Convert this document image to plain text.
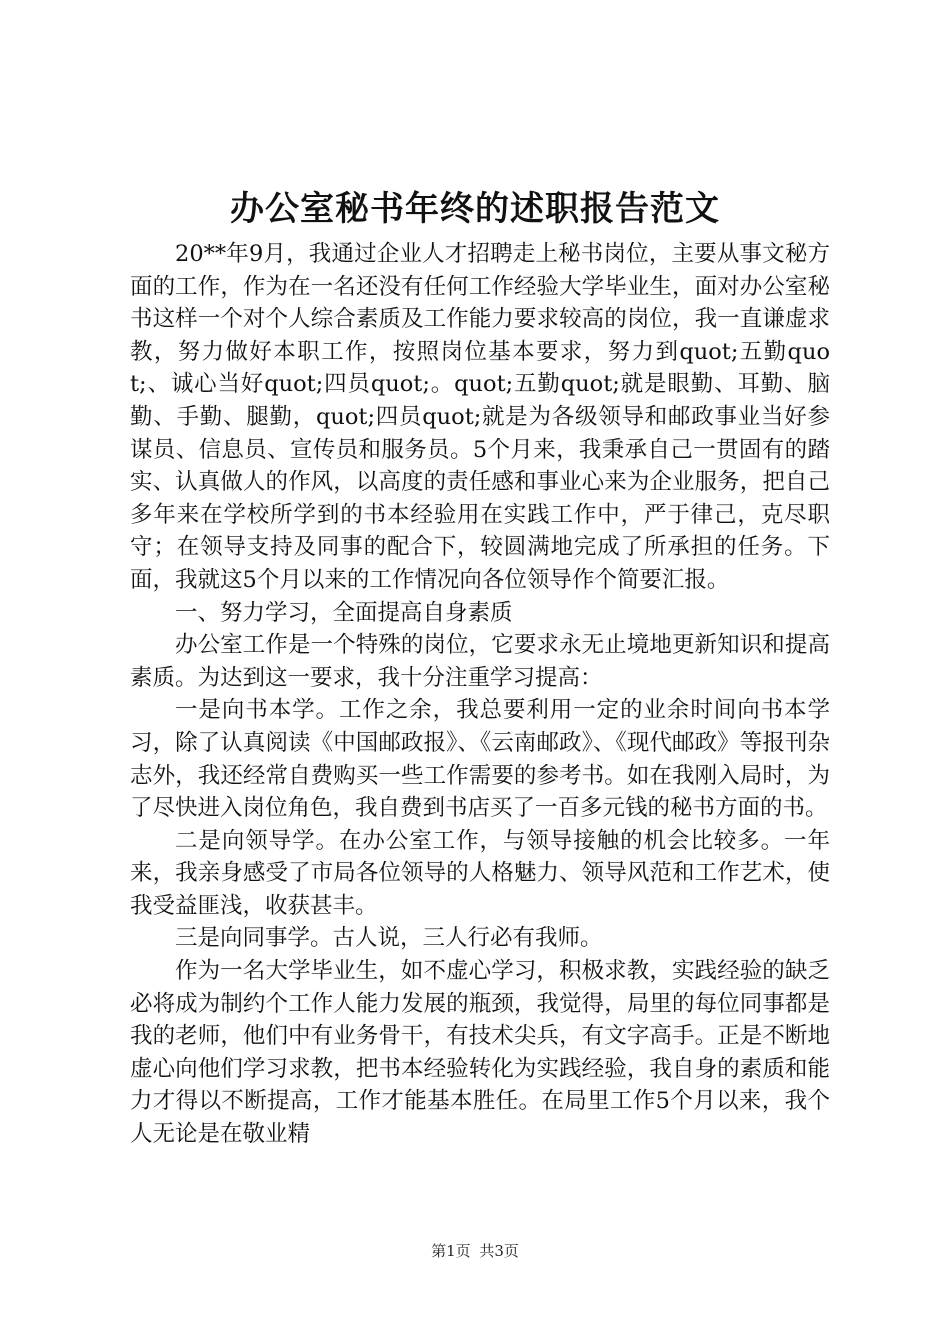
办公室秘书年终的述职报告范文

20**年9月，我通过企业人才招聘走上秘书岗位，主要从事文秘方面的工作，作为在一名还没有任何工作经验大学毕业生，面对办公室秘书这样一个对个人综合素质及工作能力要求较高的岗位，我一直谦虚求教，努力做好本职工作，按照岗位基本要求，努力到quot;五勤quot;、诚心当好quot;四员quot;。quot;五勤quot;就是眼勤、耳勤、脑勤、手勤、腿勤，quot;四员quot;就是为各级领导和邮政事业当好参谋员、信息员、宣传员和服务员。5个月来，我秉承自己一贯固有的踏实、认真做人的作风，以高度的责任感和事业心来为企业服务，把自己多年来在学校所学到的书本经验用在实践工作中，严于律己，克尽职守；在领导支持及同事的配合下，较圆满地完成了所承担的任务。下面，我就这5个月以来的工作情况向各位领导作个简要汇报。

一、努力学习，全面提高自身素质

办公室工作是一个特殊的岗位，它要求永无止境地更新知识和提高素质。为达到这一要求，我十分注重学习提高：

一是向书本学。工作之余，我总要利用一定的业余时间向书本学习，除了认真阅读《中国邮政报》、《云南邮政》、《现代邮政》等报刊杂志外，我还经常自费购买一些工作需要的参考书。如在我刚入局时，为了尽快进入岗位角色，我自费到书店买了一百多元钱的秘书方面的书。

二是向领导学。在办公室工作，与领导接触的机会比较多。一年来，我亲身感受了市局各位领导的人格魅力、领导风范和工作艺术，使我受益匪浅，收获甚丰。

三是向同事学。古人说，三人行必有我师。

作为一名大学毕业生，如不虚心学习，积极求教，实践经验的缺乏必将成为制约个工作人能力发展的瓶颈，我觉得，局里的每位同事都是我的老师，他们中有业务骨干，有技术尖兵，有文字高手。正是不断地虚心向他们学习求教，把书本经验转化为实践经验，我自身的素质和能力才得以不断提高，工作才能基本胜任。在局里工作5个月以来，我个人无论是在敬业精

第1页 共3页
